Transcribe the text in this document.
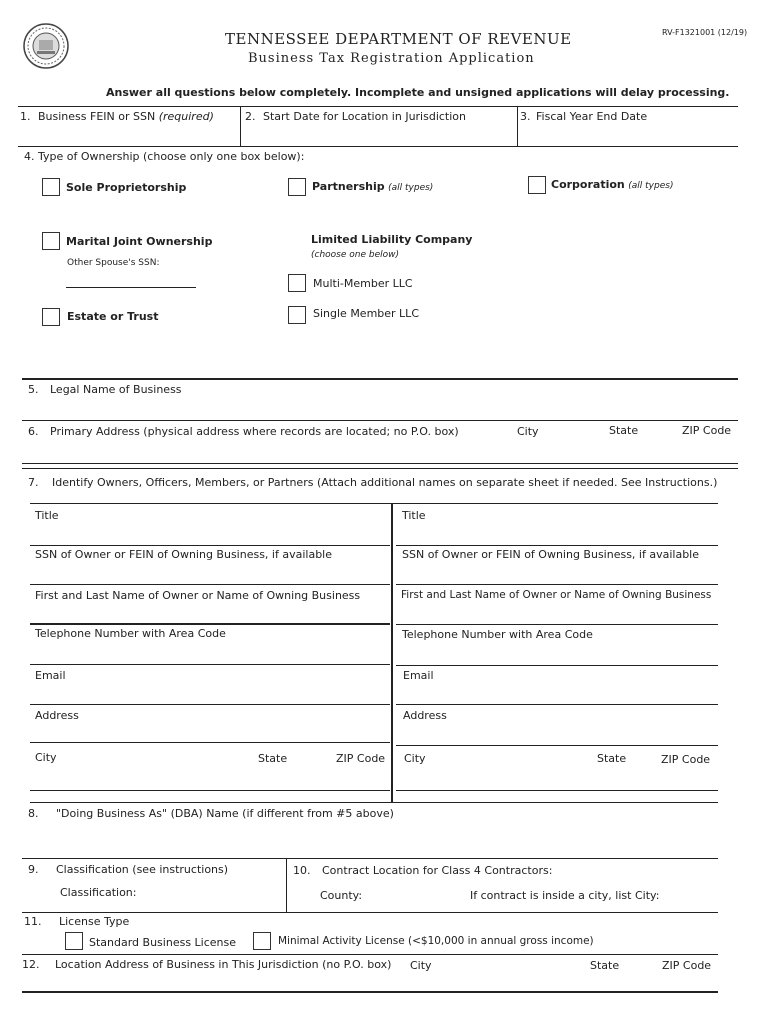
TENNESSEE DEPARTMENT OF REVENUE
Business Tax Registration Application
RV-F1321001 (12/19)
Answer all questions below completely. Incomplete and unsigned applications will delay processing.
1. Business FEIN or SSN (required)	2. Start Date for Location in Jurisdiction	3. Fiscal Year End Date
4. Type of Ownership (choose only one box below):
Sole Proprietorship	Partnership (all types)	Corporation (all types)
Marital Joint Ownership
Other Spouse's SSN:
Limited Liability Company
(choose one below)
Multi-Member LLC
Single Member LLC
Estate or Trust
5. Legal Name of Business
6. Primary Address (physical address where records are located; no P.O. box)	City	State	ZIP Code
7. Identify Owners, Officers, Members, or Partners (Attach additional names on separate sheet if needed. See Instructions.)
Title
SSN of Owner or FEIN of Owning Business, if available
First and Last Name of Owner or Name of Owning Business
Telephone Number with Area Code
Email
Address
City	State	ZIP Code
Title
SSN of Owner or FEIN of Owning Business, if available
First and Last Name of Owner or Name of Owning Business
Telephone Number with Area Code
Email
Address
City	State	ZIP Code
8. "Doing Business As" (DBA) Name (if different from #5 above)
9. Classification (see instructions)
Classification:
10. Contract Location for Class 4 Contractors:
County:	If contract is inside a city, list City:
11. License Type
Standard Business License	Minimal Activity License (<$10,000 in annual gross income)
12. Location Address of Business in This Jurisdiction (no P.O. box) City	State	ZIP Code
